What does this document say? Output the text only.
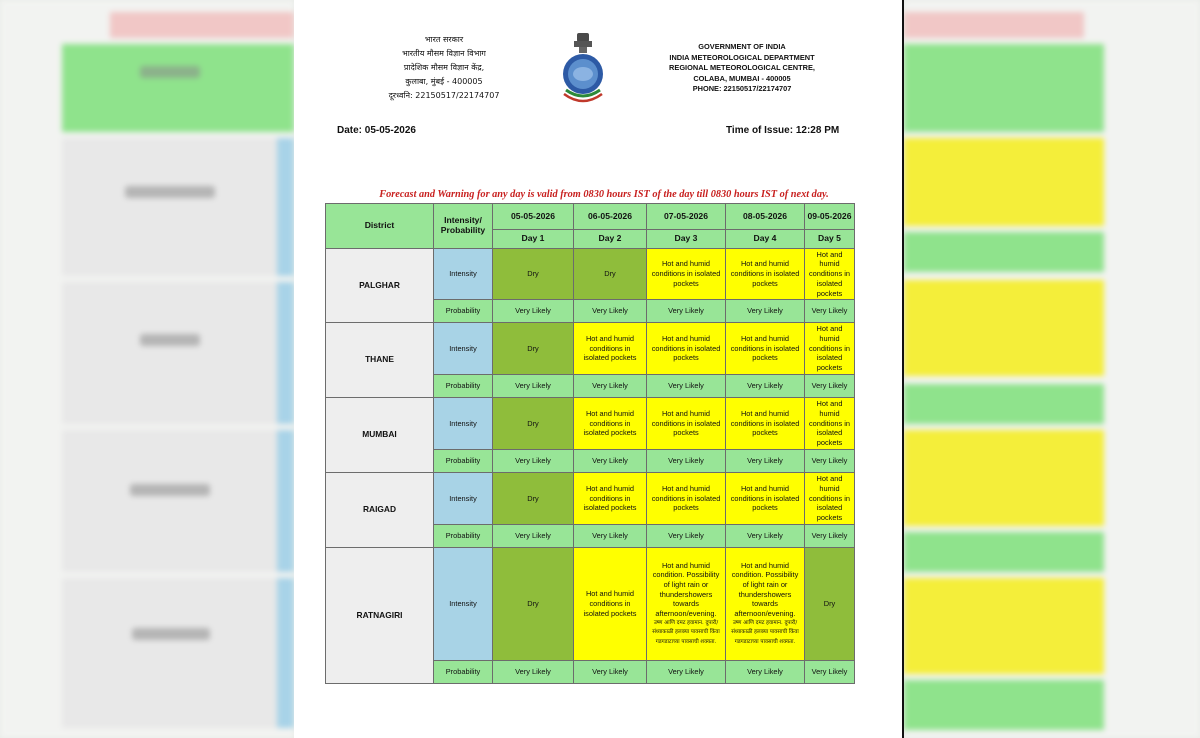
भारत सरकार
भारतीय मौसम विज्ञान विभाग
प्रादेशिक मौसम विज्ञान केंद्र,
कुलाबा, मुंबई - 400005
दूरध्वनि: 22150517/22174707
GOVERNMENT OF INDIA
INDIA METEOROLOGICAL DEPARTMENT
REGIONAL METEOROLOGICAL CENTRE,
COLABA, MUMBAI - 400005
PHONE: 22150517/22174707
Date: 05-05-2026	Time of Issue: 12:28 PM
Forecast and Warning for any day is valid from 0830 hours IST of the day till 0830 hours IST of next day.
District	Intensity/ Probability	05-05-2026	06-05-2026	07-05-2026	08-05-2026	09-05-2026
		Day 1	Day 2	Day 3	Day 4	Day 5
PALGHAR	Intensity	Dry	Dry	Hot and humid conditions in isolated pockets	Hot and humid conditions in isolated pockets	Hot and humid conditions in isolated pockets
	Probability	Very Likely	Very Likely	Very Likely	Very Likely	Very Likely
THANE	Intensity	Dry	Hot and humid conditions in isolated pockets	Hot and humid conditions in isolated pockets	Hot and humid conditions in isolated pockets	Hot and humid conditions in isolated pockets
	Probability	Very Likely	Very Likely	Very Likely	Very Likely	Very Likely
MUMBAI	Intensity	Dry	Hot and humid conditions in isolated pockets	Hot and humid conditions in isolated pockets	Hot and humid conditions in isolated pockets	Hot and humid conditions in isolated pockets
	Probability	Very Likely	Very Likely	Very Likely	Very Likely	Very Likely
RAIGAD	Intensity	Dry	Hot and humid conditions in isolated pockets	Hot and humid conditions in isolated pockets	Hot and humid conditions in isolated pockets	Hot and humid conditions in isolated pockets
	Probability	Very Likely	Very Likely	Very Likely	Very Likely	Very Likely
RATNAGIRI	Intensity	Dry	Hot and humid conditions in isolated pockets	Hot and humid condition. Possibility of light rain or thundershowers towards afternoon/evening.
उष्ण आणि दमट हवामान. दुपारी/संध्याकाळी हलक्या पावसाची किंवा गडगडाटाच्या पावसाची शक्यता.	Hot and humid condition. Possibility of light rain or thundershowers towards afternoon/evening.
उष्ण आणि दमट हवामान. दुपारी/संध्याकाळी हलक्या पावसाची किंवा गडगडाटाच्या पावसाची शक्यता.	Dry
	Probability	Very Likely	Very Likely	Very Likely	Very Likely	Very Likely
